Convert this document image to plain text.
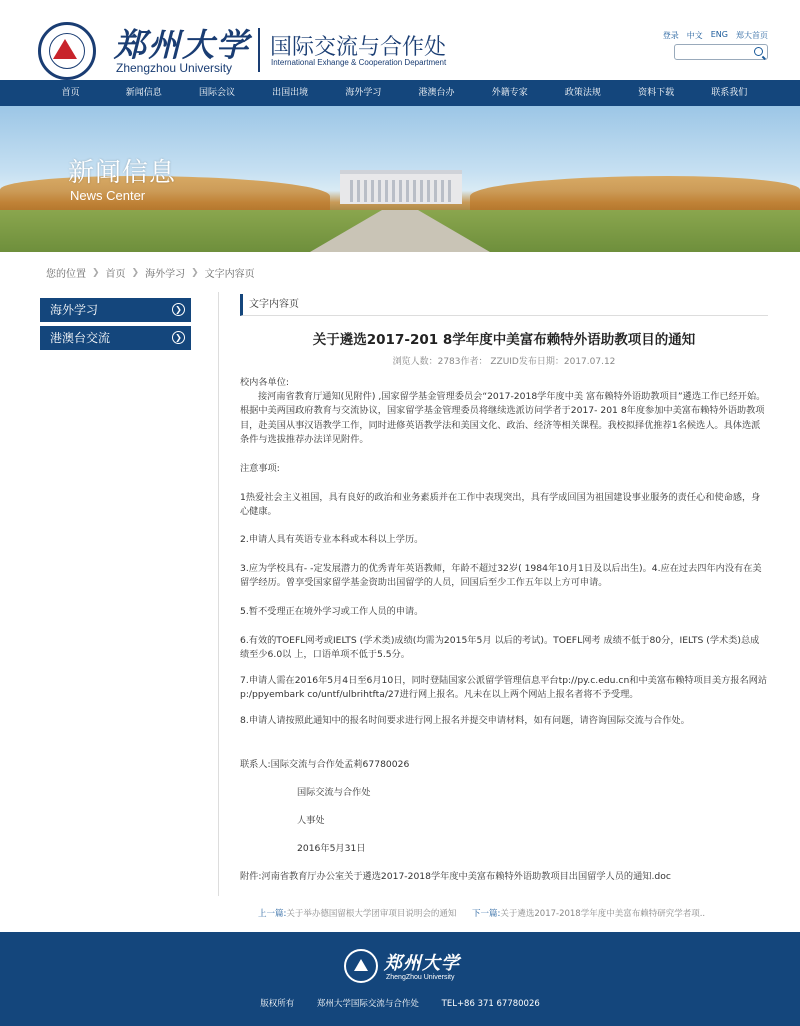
郑州大学
Zhengzhou University
国际交流与合作处
International Exhange & Cooperation Department
登录 中文 ENG 郑大首页
首页	新闻信息	国际会议	出国出境	海外学习	港澳台办	外籍专家	政策法规	资料下载	联系我们
新闻信息
News Center
您的位置 ❯ 首页 ❯ 海外学习 ❯ 文字内容页
海外学习	❯
港澳台交流	❯
文字内容页
关于遴选2017-201 8学年度中美富布赖特外语助教项目的通知
浏览人数：2783作者： ZZUID发布日期：2017.07.12
校内各单位:
接河南省教育厅通知(见附件) ,国家留学基金管理委员会“2017-2018学年度中美 富布赖特外语助教项目”遴选工作已经开始。根据中美两国政府教育与交流协议，国家留学基金管理委员将继续选派访问学者于2017- 201 8年度参加中美富布赖特外语助教项目，赴美国从事汉语教学工作，同时进修英语教学法和美国文化、政治、经济等相关课程。我校拟择优推荐1名候选人。具体选派条件与选拔推荐办法详见附件。
注意事项:
1热爱社会主义祖国，具有良好的政治和业务素质并在工作中表现突出，具有学成回国为祖国建设事业服务的责任心和使命感，身心健康。
2.申请人具有英语专业本科或本科以上学历。
3.应为学校具有- -定发展潜力的优秀青年英语教师，年龄不超过32岁( 1984年10月1日及以后出生)。4.应在过去四年内没有在美留学经历。曾享受国家留学基金资助出国留学的人员，回国后至少工作五年以上方可申请。
5.暂不受理正在境外学习或工作人员的申请。
6.有效的TOEFL网考或IELTS (学术类)成绩(均需为2015年5月 以后的考试)。TOEFL网考 成绩不低于80分，IELTS (学术类)总成绩至少6.0以 上，口语单项不低于5.5分。
7.申请人需在2016年5月4日至6月10日，同时登陆国家公派留学管理信息平台tp://py.c.edu.cn和中美富布赖特项目美方报名网站p:/ppyembark co/untf/ulbrihtfta/27进行网上报名。凡未在以上两个网站上报名者将不予受理。
8.申请人请按照此通知中的报名时间要求进行网上报名并提交申请材料，如有问题，请咨询国际交流与合作处。
联系人:国际交流与合作处孟莉67780026
国际交流与合作处
人事处
2016年5月31日
附件:河南省教育厅办公室关于遴选2017-2018学年度中美富布赖特外语助教项目出国留学人员的通知.doc
上一篇:关于举办德国留根大学团审项目说明会的通知 下一篇:关于遴选2017-2018学年度中美富布赖特研究学者项..
郑州大学
ZhengZhou University
版权所有	郑州大学国际交流与合作处	TEL+86 371 67780026
